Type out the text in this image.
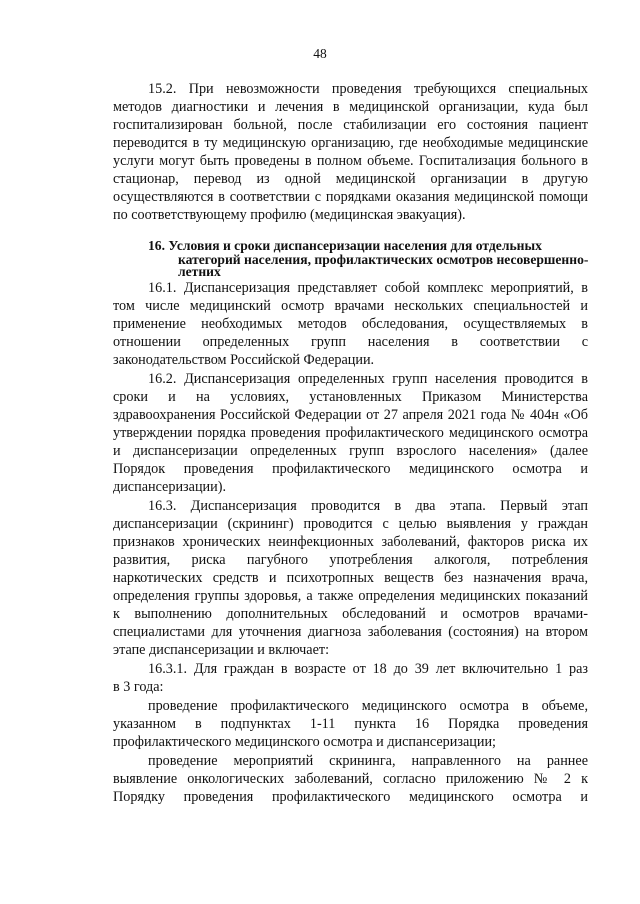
48
15.2. При невозможности проведения требующихся специальных
методов диагностики и лечения в медицинской организации, куда был
госпитализирован больной, после стабилизации его состояния пациент
переводится в ту медицинскую организацию, где необходимые медицинские
услуги могут быть проведены в полном объеме. Госпитализация больного в
стационар, перевод из одной медицинской организации в другую
осуществляются в соответствии с порядками оказания медицинской помощи
по соответствующему профилю (медицинская эвакуация).
16. Условия и сроки диспансеризации населения для отдельных
категорий населения, профилактических осмотров несовершенно-
летних
16.1. Диспансеризация представляет собой комплекс мероприятий, в
том числе медицинский осмотр врачами нескольких специальностей и
применение необходимых методов обследования, осуществляемых в
отношении определенных групп населения в соответствии с
законодательством Российской Федерации.
16.2. Диспансеризация определенных групп населения проводится в
сроки и на условиях, установленных Приказом Министерства
здравоохранения Российской Федерации от 27 апреля 2021 года № 404н «Об
утверждении порядка проведения профилактического медицинского осмотра
и диспансеризации определенных групп взрослого населения» (далее
Порядок проведения профилактического медицинского осмотра и
диспансеризации).
16.3. Диспансеризация проводится в два этапа. Первый этап
диспансеризации (скрининг) проводится с целью выявления у граждан
признаков хронических неинфекционных заболеваний, факторов риска их
развития, риска пагубного употребления алкоголя, потребления
наркотических средств и психотропных веществ без назначения врача,
определения группы здоровья, а также определения медицинских показаний
к выполнению дополнительных обследований и осмотров врачами-
специалистами для уточнения диагноза заболевания (состояния) на втором
этапе диспансеризации и включает:
16.3.1. Для граждан в возрасте от 18 до 39 лет включительно 1 раз
в 3 года:
проведение профилактического медицинского осмотра в объеме,
указанном в подпунктах 1-11 пункта 16 Порядка проведения
профилактического медицинского осмотра и диспансеризации;
проведение мероприятий скрининга, направленного на раннее
выявление онкологических заболеваний, согласно приложению № 2 к
Порядку проведения профилактического медицинского осмотра и
